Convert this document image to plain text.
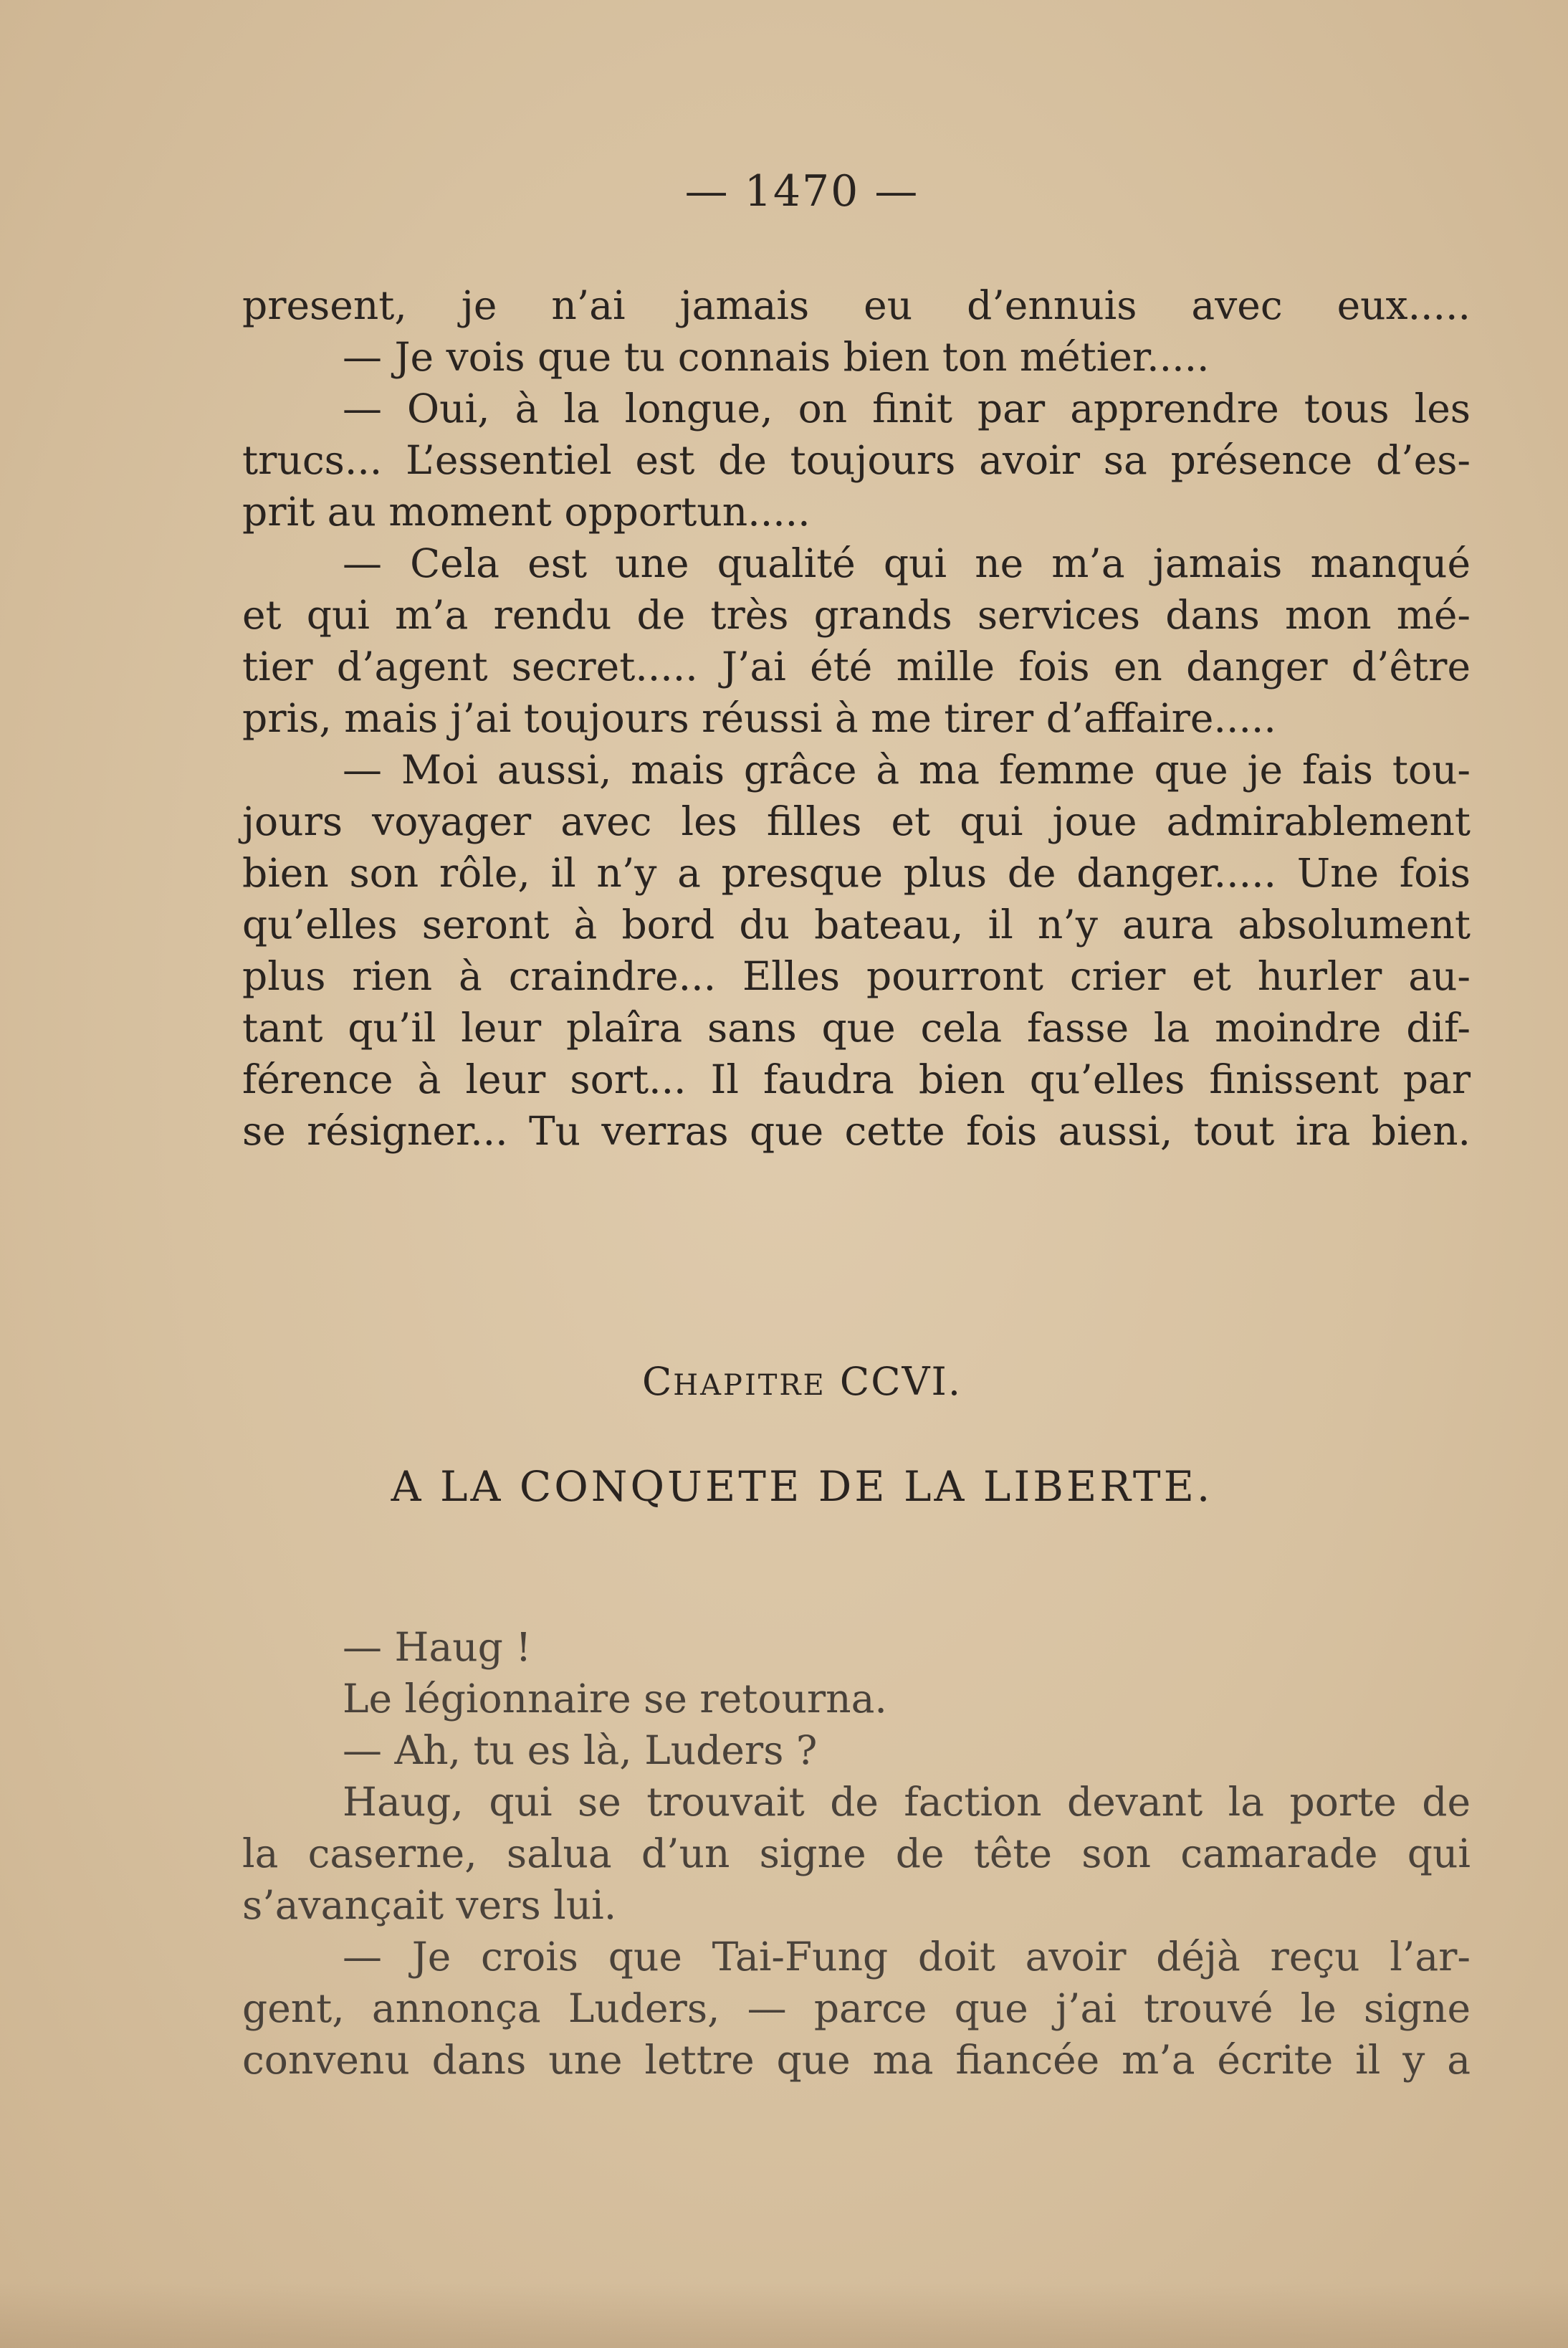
— 1470 —
present, je n’ai jamais eu d’ennuis avec eux.....
— Je vois que tu connais bien ton métier.....
— Oui, à la longue, on finit par apprendre tous les
trucs... L’essentiel est de toujours avoir sa présence d’es-
prit au moment opportun.....
— Cela est une qualité qui ne m’a jamais manqué
et qui m’a rendu de très grands services dans mon mé-
tier d’agent secret..... J’ai été mille fois en danger d’être
pris, mais j’ai toujours réussi à me tirer d’affaire.....
— Moi aussi, mais grâce à ma femme que je fais tou-
jours voyager avec les filles et qui joue admirablement
bien son rôle, il n’y a presque plus de danger..... Une fois
qu’elles seront à bord du bateau, il n’y aura absolument
plus rien à craindre... Elles pourront crier et hurler au-
tant qu’il leur plaîra sans que cela fasse la moindre dif-
férence à leur sort... Il faudra bien qu’elles finissent par
se résigner... Tu verras que cette fois aussi, tout ira bien.
CHAPITRE CCVI.
A LA CONQUETE DE LA LIBERTE.
— Haug !
Le légionnaire se retourna.
— Ah, tu es là, Luders ?
Haug, qui se trouvait de faction devant la porte de
la caserne, salua d’un signe de tête son camarade qui
s’avançait vers lui.
— Je crois que Tai-Fung doit avoir déjà reçu l’ar-
gent, annonça Luders, — parce que j’ai trouvé le signe
convenu dans une lettre que ma fiancée m’a écrite il y a
